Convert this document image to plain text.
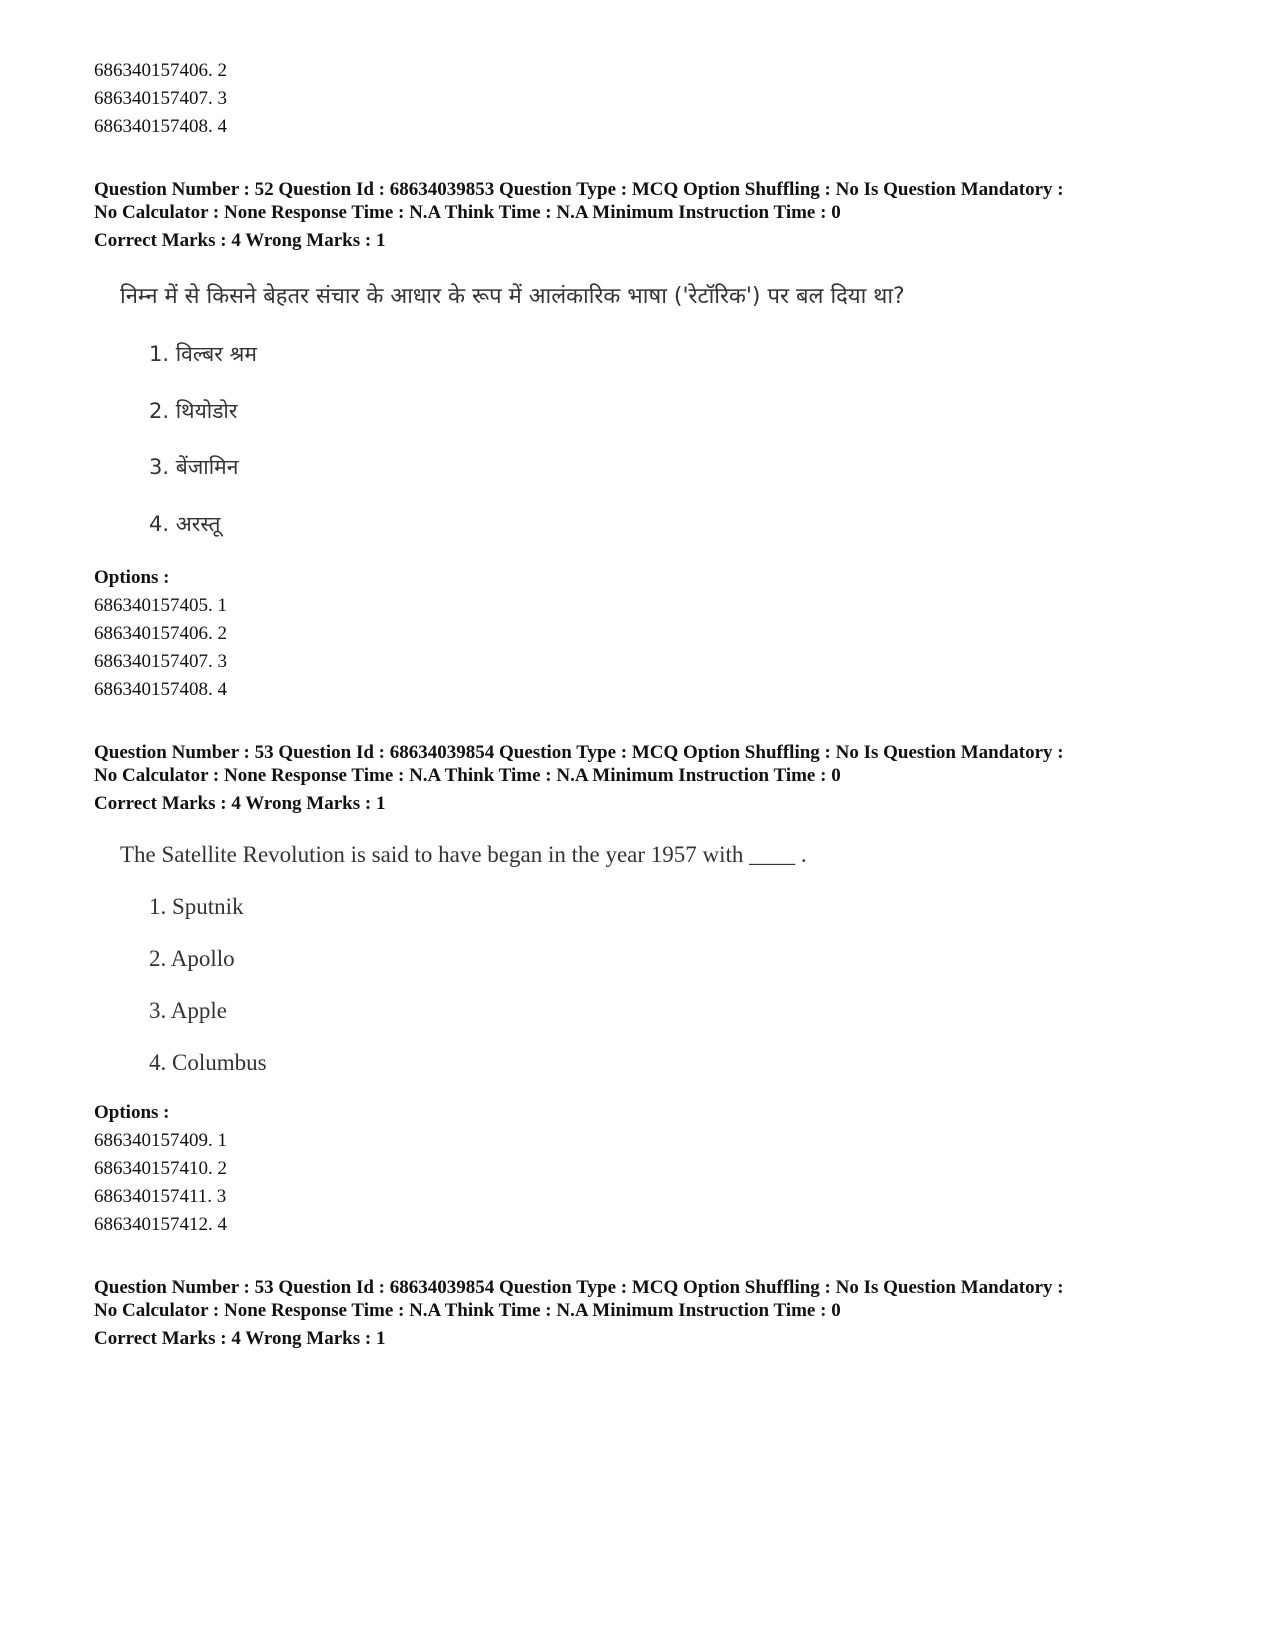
686340157406. 2
686340157407. 3
686340157408. 4
Question Number : 52 Question Id : 68634039853 Question Type : MCQ Option Shuffling : No Is Question Mandatory :
No Calculator : None Response Time : N.A Think Time : N.A Minimum Instruction Time : 0
Correct Marks : 4 Wrong Marks : 1
निम्न में से किसने बेहतर संचार के आधार के रूप में आलंकारिक भाषा ('रेटॉरिक') पर बल दिया था?
1. विल्बर श्रम
2. थियोडोर
3. बेंजामिन
4. अरस्तू
Options :
686340157405. 1
686340157406. 2
686340157407. 3
686340157408. 4
Question Number : 53 Question Id : 68634039854 Question Type : MCQ Option Shuffling : No Is Question Mandatory :
No Calculator : None Response Time : N.A Think Time : N.A Minimum Instruction Time : 0
Correct Marks : 4 Wrong Marks : 1
The Satellite Revolution is said to have began in the year 1957 with ____ .
1. Sputnik
2. Apollo
3. Apple
4. Columbus
Options :
686340157409. 1
686340157410. 2
686340157411. 3
686340157412. 4
Question Number : 53 Question Id : 68634039854 Question Type : MCQ Option Shuffling : No Is Question Mandatory :
No Calculator : None Response Time : N.A Think Time : N.A Minimum Instruction Time : 0
Correct Marks : 4 Wrong Marks : 1
